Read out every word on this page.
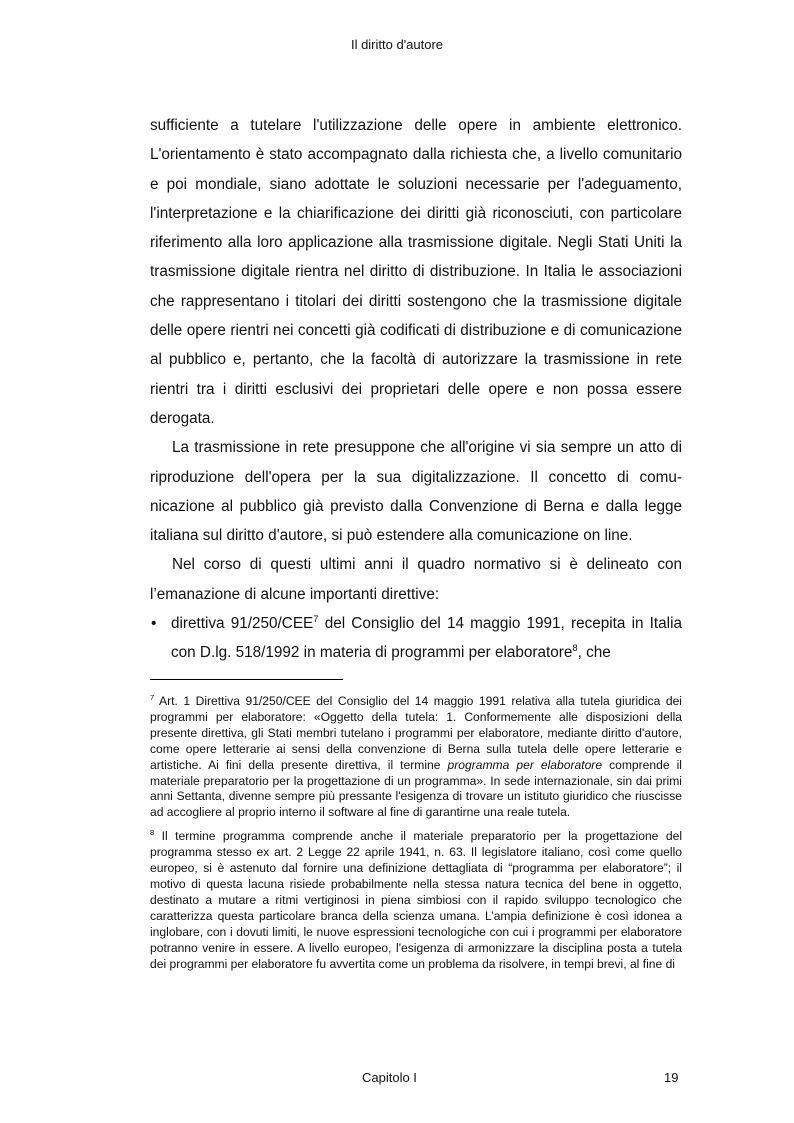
Il diritto d'autore

sufficiente a tutelare l'utilizzazione delle opere in ambiente elettronico. L'orientamento è stato accompagnato dalla richiesta che, a livello comunitario e poi mondiale, siano adottate le soluzioni necessarie per l'adeguamento, l'interpretazione e la chiarificazione dei diritti già riconosciuti, con particolare riferimento alla loro applicazione alla trasmissione digitale. Negli Stati Uniti la trasmissione digitale rientra nel diritto di distribuzione. In Italia le associazioni che rappresentano i titolari dei diritti sostengono che la trasmissione digitale delle opere rientri nei concetti già codificati di distribuzione e di comunicazione al pubblico e, pertanto, che la facoltà di autorizzare la trasmissione in rete rientri tra i diritti esclusivi dei proprietari delle opere e non possa essere derogata.

La trasmissione in rete presuppone che all'origine vi sia sempre un atto di riproduzione dell'opera per la sua digitalizzazione. Il concetto di comu-nicazione al pubblico già previsto dalla Convenzione di Berna e dalla legge italiana sul diritto d'autore, si può estendere alla comunicazione on line.

Nel corso di questi ultimi anni il quadro normativo si è delineato con l’emanazione di alcune importanti direttive:

• direttiva 91/250/CEE$^7$ del Consiglio del 14 maggio 1991, recepita in Italia con D.lg. 518/1992 in materia di programmi per elaboratore$^8$, che

$^7$ Art. 1 Direttiva 91/250/CEE del Consiglio del 14 maggio 1991 relativa alla tutela giuridica dei programmi per elaboratore: «Oggetto della tutela: 1. Conformemente alle disposizioni della presente direttiva, gli Stati membri tutelano i programmi per elaboratore, mediante diritto d'autore, come opere letterarie ai sensi della convenzione di Berna sulla tutela delle opere letterarie e artistiche. Ai fini della presente direttiva, il termine programma per elaboratore comprende il materiale preparatorio per la progettazione di un programma». In sede internazionale, sin dai primi anni Settanta, divenne sempre più pressante l'esigenza di trovare un istituto giuridico che riuscisse ad accogliere al proprio interno il software al fine di garantirne una reale tutela.

$^8$ Il termine programma comprende anche il materiale preparatorio per la progettazione del programma stesso ex art. 2 Legge 22 aprile 1941, n. 63. Il legislatore italiano, così come quello europeo, si è astenuto dal fornire una definizione dettagliata di “programma per elaboratore”; il motivo di questa lacuna risiede probabilmente nella stessa natura tecnica del bene in oggetto, destinato a mutare a ritmi vertiginosi in piena simbiosi con il rapido sviluppo tecnologico che caratterizza questa particolare branca della scienza umana. L’ampia definizione è così idonea a inglobare, con i dovuti limiti, le nuove espressioni tecnologiche con cui i programmi per elaboratore potranno venire in essere. A livello europeo, l'esigenza di armonizzare la disciplina posta a tutela dei programmi per elaboratore fu avvertita come un problema da risolvere, in tempi brevi, al fine di

Capitolo I	19
